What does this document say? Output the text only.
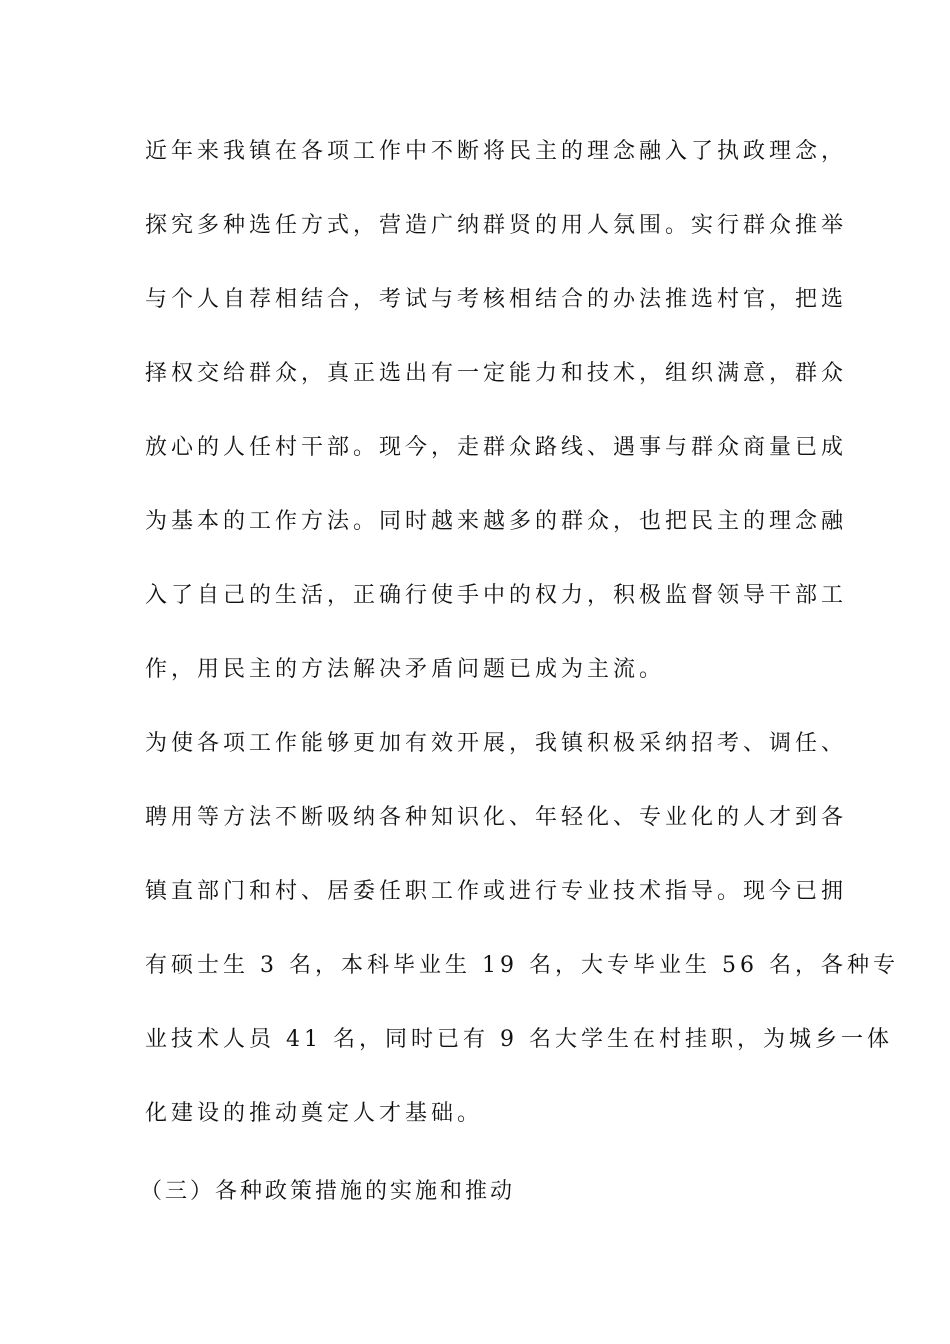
近年来我镇在各项工作中不断将民主的理念融入了执政理念，
探究多种选任方式，营造广纳群贤的用人氛围。实行群众推举
与个人自荐相结合，考试与考核相结合的办法推选村官，把选
择权交给群众，真正选出有一定能力和技术，组织满意，群众
放心的人任村干部。现今，走群众路线、遇事与群众商量已成
为基本的工作方法。同时越来越多的群众，也把民主的理念融
入了自己的生活，正确行使手中的权力，积极监督领导干部工
作，用民主的方法解决矛盾问题已成为主流。
为使各项工作能够更加有效开展，我镇积极采纳招考、调任、
聘用等方法不断吸纳各种知识化、年轻化、专业化的人才到各
镇直部门和村、居委任职工作或进行专业技术指导。现今已拥
有硕士生 3 名，本科毕业生 19 名，大专毕业生 56 名，各种专
业技术人员 41 名，同时已有 9 名大学生在村挂职，为城乡一体
化建设的推动奠定人才基础。
（三）各种政策措施的实施和推动
